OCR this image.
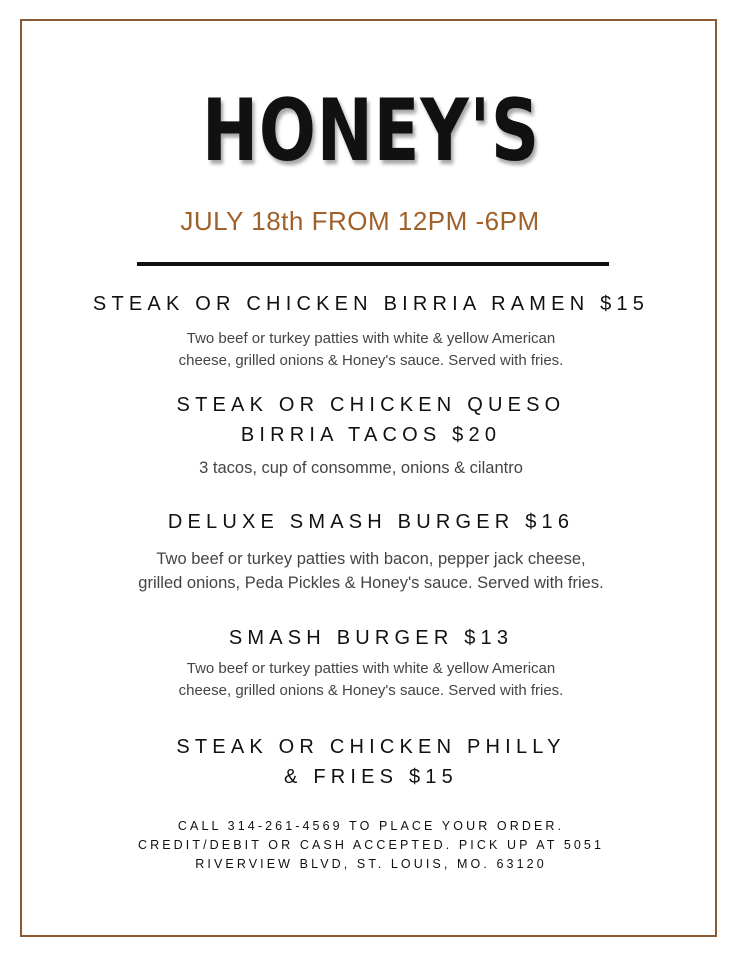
HONEY'S
JULY 18th FROM 12PM -6PM
STEAK OR CHICKEN BIRRIA RAMEN $15

Two beef or turkey patties with white & yellow American
cheese, grilled onions & Honey's sauce. Served with fries.

STEAK OR CHICKEN QUESO
BIRRIA TACOS $20

3 tacos, cup of consomme, onions & cilantro

DELUXE SMASH BURGER $16

Two beef or turkey patties with bacon, pepper jack cheese,
grilled onions, Peda Pickles & Honey's sauce. Served with fries.

SMASH BURGER $13

Two beef or turkey patties with white & yellow American
cheese, grilled onions & Honey's sauce. Served with fries.

STEAK OR CHICKEN PHILLY
& FRIES $15
CALL 314-261-4569 TO PLACE YOUR ORDER.
CREDIT/DEBIT OR CASH ACCEPTED. PICK UP AT 5051
RIVERVIEW BLVD, ST. LOUIS, MO. 63120
